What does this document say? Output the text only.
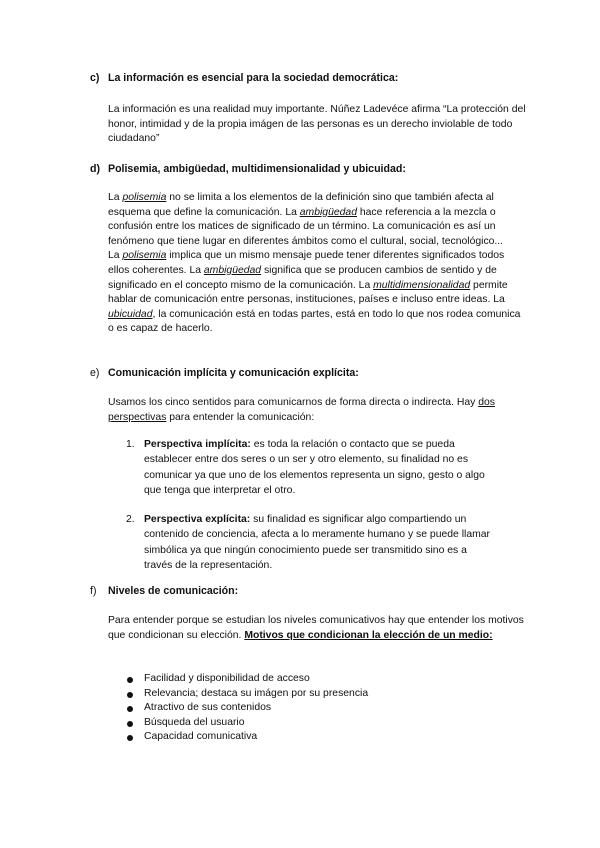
c) La información es esencial para la sociedad democrática:
La información es una realidad muy importante. Núñez Ladevéce afirma “La protección del honor, intimidad y de la propia imágen de las personas es un derecho inviolable de todo ciudadano”
d) Polisemia, ambigüedad, multidimensionalidad y ubicuidad:

La polisemia no se limita a los elementos de la definición sino que también afecta al esquema que define la comunicación. La ambigüedad hace referencia a la mezcla o confusión entre los matices de significado de un término. La comunicación es así un fenómeno que tiene lugar en diferentes ámbitos como el cultural, social, tecnológico...

La polisemia implica que un mismo mensaje puede tener diferentes significados todos ellos coherentes. La ambigüedad significa que se producen cambios de sentido y de significado en el concepto mismo de la comunicación. La multidimensionalidad permite hablar de comunicación entre personas, instituciones, países e incluso entre ideas. La ubicuidad, la comunicación está en todas partes, está en todo lo que nos rodea comunica o es capaz de hacerlo.

e) Comunicación implícita y comunicación explícita:
Usamos los cinco sentidos para comunicarnos de forma directa o indirecta. Hay dos perspectivas para entender la comunicación:
1. Perspectiva implícita: es toda la relación o contacto que se pueda establecer entre dos seres o un ser y otro elemento, su finalidad no es comunicar ya que uno de los elementos representa un signo, gesto o algo que tenga que interpretar el otro.
2. Perspectiva explícita: su finalidad es significar algo compartiendo un contenido de conciencia, afecta a lo meramente humano y se puede llamar simbólica ya que ningún conocimiento puede ser transmitido sino es a través de la representación.
f) Niveles de comunicación:
Para entender porque se estudian los niveles comunicativos hay que entender los motivos que condicionan su elección. Motivos que condicionan la elección de un medio:
Facilidad y disponibilidad de acceso
Relevancia; destaca su imágen por su presencia
Atractivo de sus contenidos
Búsqueda del usuario
Capacidad comunicativa
